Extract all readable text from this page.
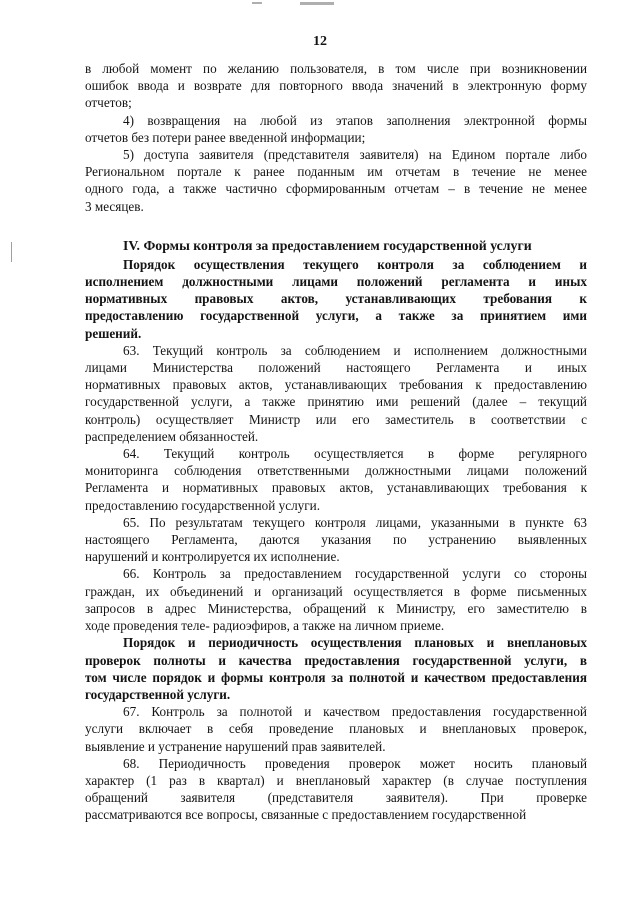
12
в любой момент по желанию пользователя, в том числе при возникновении
ошибок ввода и возврате для повторного ввода значений в электронную форму
отчетов;
4) возвращения на любой из этапов заполнения электронной формы
отчетов без потери ранее введенной информации;
5) доступа заявителя (представителя заявителя) на Едином портале либо
Региональном портале к ранее поданным им отчетам в течение не менее
одного года, а также частично сформированным отчетам – в течение не менее
3 месяцев.
IV. Формы контроля за предоставлением государственной услуги
Порядок осуществления текущего контроля за соблюдением и
исполнением должностными лицами положений регламента и иных
нормативных правовых актов, устанавливающих требования к
предоставлению государственной услуги, а также за принятием ими
решений.
63. Текущий контроль за соблюдением и исполнением должностными
лицами Министерства положений настоящего Регламента и иных
нормативных правовых актов, устанавливающих требования к предоставлению
государственной услуги, а также принятию ими решений (далее – текущий
контроль) осуществляет Министр или его заместитель в соответствии с
распределением обязанностей.
64. Текущий контроль осуществляется в форме регулярного
мониторинга соблюдения ответственными должностными лицами положений
Регламента и нормативных правовых актов, устанавливающих требования к
предоставлению государственной услуги.
65. По результатам текущего контроля лицами, указанными в пункте 63
настоящего Регламента, даются указания по устранению выявленных
нарушений и контролируется их исполнение.
66. Контроль за предоставлением государственной услуги со стороны
граждан, их объединений и организаций осуществляется в форме письменных
запросов в адрес Министерства, обращений к Министру, его заместителю в
ходе проведения теле- радиоэфиров, а также на личном приеме.
Порядок и периодичность осуществления плановых и внеплановых
проверок полноты и качества предоставления государственной услуги, в
том числе порядок и формы контроля за полнотой и качеством предоставления
государственной услуги.
67. Контроль за полнотой и качеством предоставления государственной
услуги включает в себя проведение плановых и внеплановых проверок,
выявление и устранение нарушений прав заявителей.
68. Периодичность проведения проверок может носить плановый
характер (1 раз в квартал) и внеплановый характер (в случае поступления
обращений заявителя (представителя заявителя). При проверке
рассматриваются все вопросы, связанные с предоставлением государственной
